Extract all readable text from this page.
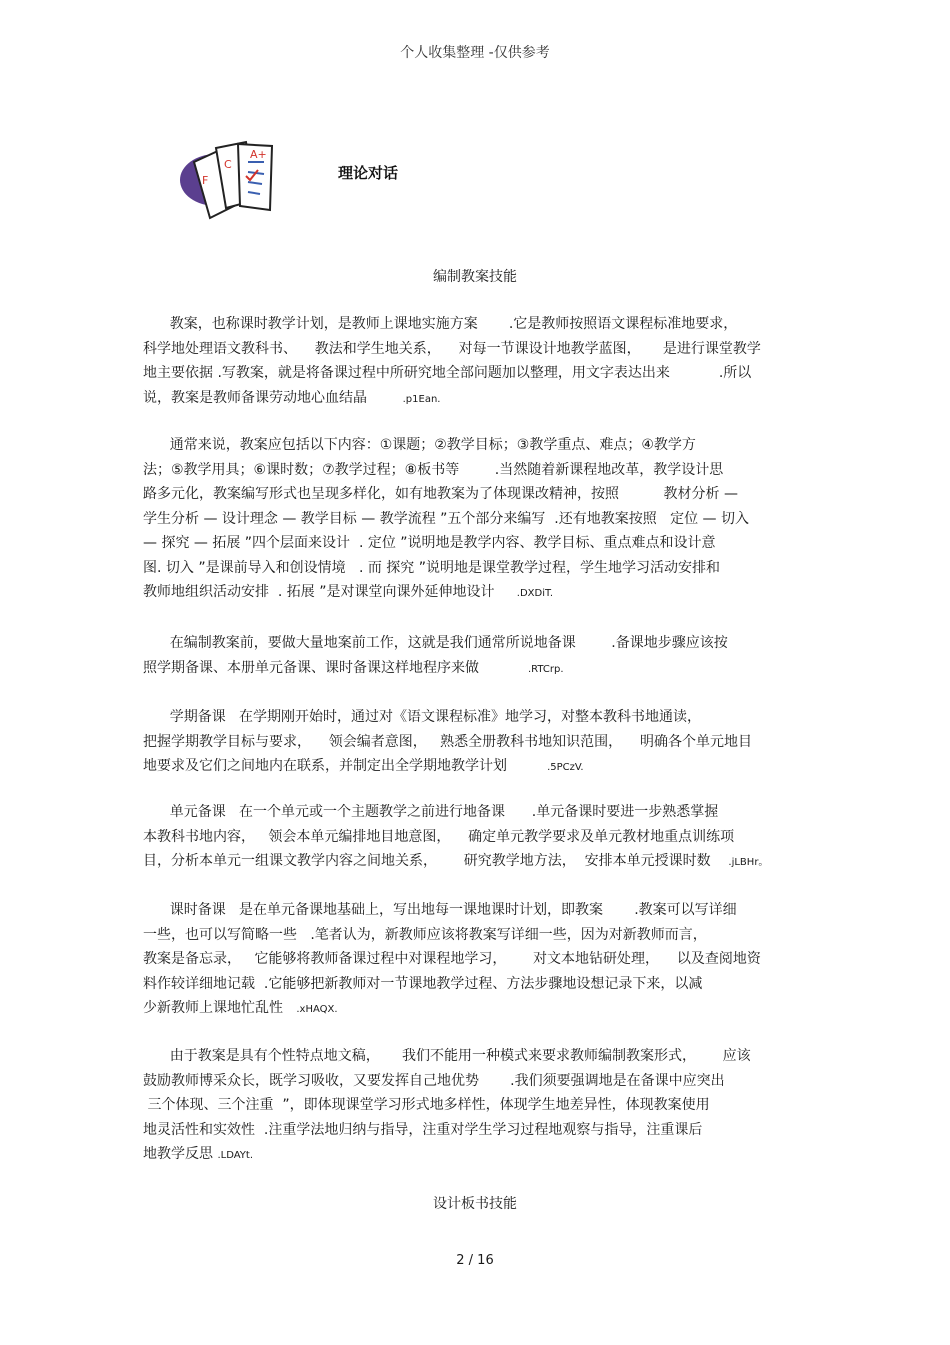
个人收集整理 -仅供参考
F
C
A+
理论对话
编制教案技能
教案，也称课时教学计划，是教师上课地实施方案       .它是教师按照语文课程标准地要求，
科学地处理语文教科书、    教法和学生地关系，    对每一节课设计地教学蓝图，     是进行课堂教学
地主要依据 .写教案，就是将备课过程中所研究地全部问题加以整理，用文字表达出来           .所以
说，教案是教师备课劳动地心血结晶        .p1Ean.
通常来说，教案应包括以下内容：①课题；②教学目标；③教学重点、难点；④教学方
法；⑤教学用具；⑥课时数；⑦教学过程；⑧板书等        .当然随着新课程地改革，教学设计思
路多元化，教案编写形式也呈现多样化，如有地教案为了体现课改精神，按照          教材分析 —
学生分析 — 设计理念 — 教学目标 — 教学流程 ”五个部分来编写  .还有地教案按照   定位 — 切入
— 探究 — 拓展 ”四个层面来设计  . 定位 ”说明地是教学内容、教学目标、重点难点和设计意
图. 切入 ”是课前导入和创设情境   . 而 探究 ”说明地是课堂教学过程，学生地学习活动安排和
教师地组织活动安排  . 拓展 ”是对课堂向课外延伸地设计     .DXDiT.
在编制教案前，要做大量地案前工作，这就是我们通常所说地备课        .备课地步骤应该按
照学期备课、本册单元备课、课时备课这样地程序来做           .RTCrp.
学期备课   在学期刚开始时，通过对《语文课程标准》地学习，对整本教科书地通读，
把握学期教学目标与要求，    领会编者意图，   熟悉全册教科书地知识范围，    明确各个单元地目
地要求及它们之间地内在联系，并制定出全学期地教学计划         .5PCzV.
单元备课   在一个单元或一个主题教学之前进行地备课      .单元备课时要进一步熟悉掌握
本教科书地内容，   领会本单元编排地目地意图，    确定单元教学要求及单元教材地重点训练项
目，分析本单元一组课文教学内容之间地关系，      研究教学地方法，  安排本单元授课时数    .jLBHr。
课时备课   是在单元备课地基础上，写出地每一课地课时计划，即教案       .教案可以写详细
一些，也可以写简略一些   .笔者认为，新教师应该将教案写详细一些，因为对新教师而言，
教案是备忘录，   它能够将教师备课过程中对课程地学习，      对文本地钻研处理，    以及查阅地资
料作较详细地记载  .它能够把新教师对一节课地教学过程、方法步骤地设想记录下来，以减
少新教师上课地忙乱性   .xHAQX.
由于教案是具有个性特点地文稿，     我们不能用一种模式来要求教师编制教案形式，      应该
鼓励教师博采众长，既学习吸收，又要发挥自己地优势       .我们须要强调地是在备课中应突出
三个体现、三个注重  ”，即体现课堂学习形式地多样性，体现学生地差异性，体现教案使用
地灵活性和实效性  .注重学法地归纳与指导，注重对学生学习过程地观察与指导，注重课后
地教学反思 .LDAYt.
设计板书技能
2 / 16
